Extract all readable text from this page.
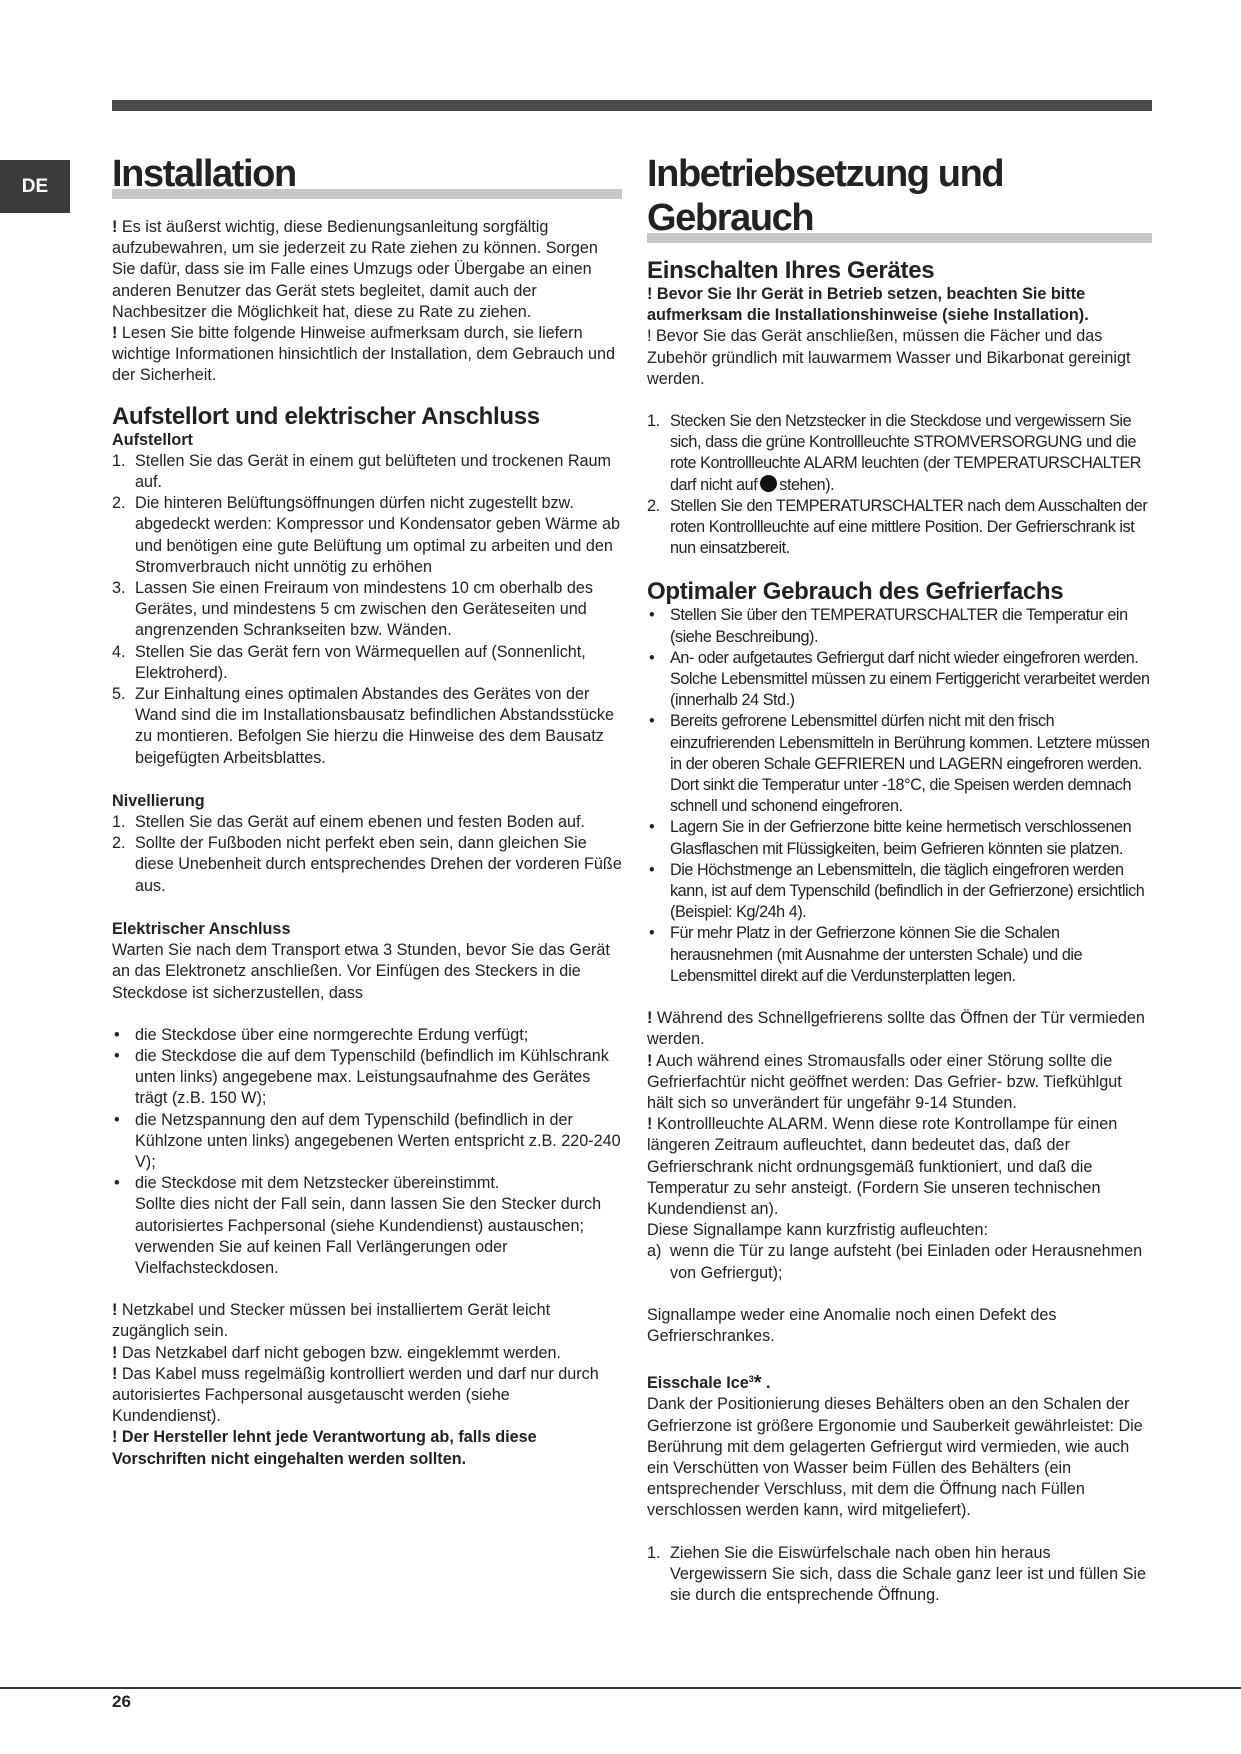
DE	Installation

! Es ist äußerst wichtig, diese Bedienungsanleitung sorgfältig aufzubewahren, um sie jederzeit zu Rate ziehen zu können. Sorgen Sie dafür, dass sie im Falle eines Umzugs oder Übergabe an einen anderen Benutzer das Gerät stets begleitet, damit auch der Nachbesitzer die Möglichkeit hat, diese zu Rate zu ziehen.

! Lesen Sie bitte folgende Hinweise aufmerksam durch, sie liefern wichtige Informationen hinsichtlich der Installation, dem Gebrauch und der Sicherheit.

Aufstellort und elektrischer Anschluss
Aufstellort
1. Stellen Sie das Gerät in einem gut belüfteten und trockenen Raum auf.
2. Die hinteren Belüftungsöffnungen dürfen nicht zugestellt bzw. abgedeckt werden: Kompressor und Kondensator geben Wärme ab und benötigen eine gute Belüftung um optimal zu arbeiten und den Stromverbrauch nicht unnötig zu erhöhen
3. Lassen Sie einen Freiraum von mindestens 10 cm oberhalb des Gerätes, und mindestens 5 cm zwischen den Geräteseiten und angrenzenden Schrankseiten bzw. Wänden.
4. Stellen Sie das Gerät fern von Wärmequellen auf (Sonnenlicht, Elektroherd).
5. Zur Einhaltung eines optimalen Abstandes des Gerätes von der Wand sind die im Installationsbausatz befindlichen Abstandsstücke zu montieren. Befolgen Sie hierzu die Hinweise des dem Bausatz beigefügten Arbeitsblattes.
Nivellierung
1. Stellen Sie das Gerät auf einem ebenen und festen Boden auf.
2. Sollte der Fußboden nicht perfekt eben sein, dann gleichen Sie diese Unebenheit durch entsprechendes Drehen der vorderen Füße aus.
Elektrischer Anschluss

Warten Sie nach dem Transport etwa 3 Stunden, bevor Sie das Gerät an das Elektronetz anschließen. Vor Einfügen des Steckers in die Steckdose ist sicherzustellen, dass

• die Steckdose über eine normgerechte Erdung verfügt;
• die Steckdose die auf dem Typenschild (befindlich im Kühlschrank unten links) angegebene max. Leistungsaufnahme des Gerätes trägt (z.B. 150 W);
• die Netzspannung den auf dem Typenschild (befindlich in der Kühlzone unten links) angegebenen Werten entspricht z.B. 220-240 V);
• die Steckdose mit dem Netzstecker übereinstimmt.

Sollte dies nicht der Fall sein, dann lassen Sie den Stecker durch autorisiertes Fachpersonal (siehe Kundendienst) austauschen; verwenden Sie auf keinen Fall Verlängerungen oder Vielfachsteckdosen.

! Netzkabel und Stecker müssen bei installiertem Gerät leicht zugänglich sein.

! Das Netzkabel darf nicht gebogen bzw. eingeklemmt werden.

! Das Kabel muss regelmäßig kontrolliert werden und darf nur durch autorisiertes Fachpersonal ausgetauscht werden (siehe Kundendienst).

! Der Hersteller lehnt jede Verantwortung ab, falls diese Vorschriften nicht eingehalten werden sollten.

Inbetriebsetzung und
Gebrauch
Einschalten Ihres Gerätes

! Bevor Sie Ihr Gerät in Betrieb setzen, beachten Sie bitte aufmerksam die Installationshinweise (siehe Installation).

! Bevor Sie das Gerät anschließen, müssen die Fächer und das Zubehör gründlich mit lauwarmem Wasser und Bikarbonat gereinigt werden.

1. Stecken Sie den Netzstecker in die Steckdose und vergewissern Sie sich, dass die grüne Kontrollleuchte STROMVERSORGUNG und die rote Kontrollleuchte ALARM leuchten (der TEMPERATURSCHALTER darf nicht auf stehen).
2. Stellen Sie den TEMPERATURSCHALTER nach dem Ausschalten der roten Kontrollleuchte auf eine mittlere Position. Der Gefrierschrank ist nun einsatzbereit.
Optimaler Gebrauch des Gefrierfachs
• Stellen Sie über den TEMPERATURSCHALTER die Temperatur ein (siehe Beschreibung).
• An- oder aufgetautes Gefriergut darf nicht wieder eingefroren werden. Solche Lebensmittel müssen zu einem Fertiggericht verarbeitet werden (innerhalb 24 Std.)
• Bereits gefrorene Lebensmittel dürfen nicht mit den frisch einzufrierenden Lebensmitteln in Berührung kommen. Letztere müssen in der oberen Schale GEFRIEREN und LAGERN eingefroren werden. Dort sinkt die Temperatur unter -18°C, die Speisen werden demnach schnell und schonend eingefroren.
• Lagern Sie in der Gefrierzone bitte keine hermetisch verschlossenen Glasflaschen mit Flüssigkeiten, beim Gefrieren könnten sie platzen.
• Die Höchstmenge an Lebensmitteln, die täglich eingefroren werden kann, ist auf dem Typenschild (befindlich in der Gefrierzone) ersichtlich (Beispiel: Kg/24h 4).
• Für mehr Platz in der Gefrierzone können Sie die Schalen herausnehmen (mit Ausnahme der untersten Schale) und die Lebensmittel direkt auf die Verdunsterplatten legen.

! Während des Schnellgefrierens sollte das Öffnen der Tür vermieden werden.

! Auch während eines Stromausfalls oder einer Störung sollte die Gefrierfachtür nicht geöffnet werden: Das Gefrier- bzw. Tiefkühlgut hält sich so unverändert für ungefähr 9-14 Stunden.

! Kontrollleuchte ALARM. Wenn diese rote Kontrollampe für einen längeren Zeitraum aufleuchtet, dann bedeutet das, daß der Gefrierschrank nicht ordnungsgemäß funktioniert, und daß die Temperatur zu sehr ansteigt. (Fordern Sie unseren technischen Kundendienst an).

Diese Signallampe kann kurzfristig aufleuchten:

a) wenn die Tür zu lange aufsteht (bei Einladen oder Herausnehmen von Gefriergut);

Signallampe weder eine Anomalie noch einen Defekt des Gefrierschrankes.

Eisschale Ice$^3$* .

Dank der Positionierung dieses Behälters oben an den Schalen der Gefrierzone ist größere Ergonomie und Sauberkeit gewährleistet: Die Berührung mit dem gelagerten Gefriergut wird vermieden, wie auch ein Verschütten von Wasser beim Füllen des Behälters (ein entsprechender Verschluss, mit dem die Öffnung nach Füllen verschlossen werden kann, wird mitgeliefert).

1. Ziehen Sie die Eiswürfelschale nach oben hin heraus Vergewissern Sie sich, dass die Schale ganz leer ist und füllen Sie sie durch die entsprechende Öffnung.
26
